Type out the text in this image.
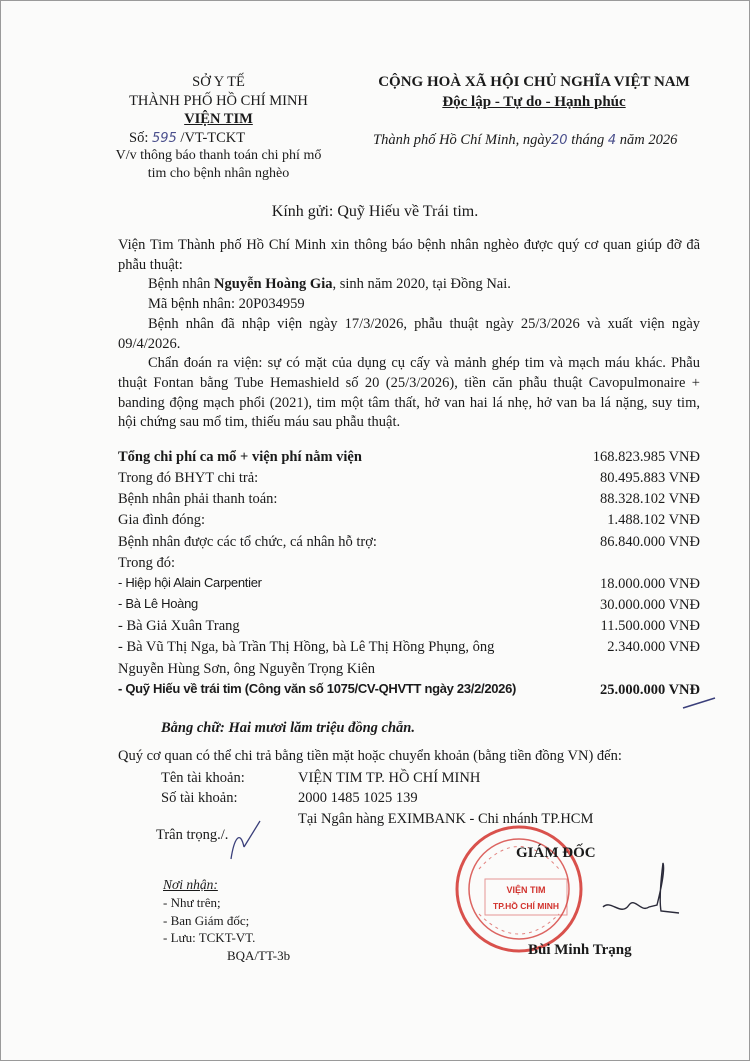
SỞ Y TẾ
THÀNH PHỐ HỒ CHÍ MINH
VIỆN TIM
Số: 595 /VT-TCKT
V/v thông báo thanh toán chi phí mổ
tim cho bệnh nhân nghèo
CỘNG HOÀ XÃ HỘI CHỦ NGHĨA VIỆT NAM
Độc lập - Tự do - Hạnh phúc
Thành phố Hồ Chí Minh, ngày20 tháng 4 năm 2026
Kính gửi: Quỹ Hiếu về Trái tim.

Viện Tim Thành phố Hồ Chí Minh xin thông báo bệnh nhân nghèo được quý cơ quan giúp đỡ đã phẫu thuật:

Bệnh nhân Nguyễn Hoàng Gia, sinh năm 2020, tại Đồng Nai.

Mã bệnh nhân: 20P034959

Bệnh nhân đã nhập viện ngày 17/3/2026, phẫu thuật ngày 25/3/2026 và xuất viện ngày 09/4/2026.

Chẩn đoán ra viện: sự có mặt của dụng cụ cấy và mảnh ghép tim và mạch máu khác. Phẫu thuật Fontan bằng Tube Hemashield số 20 (25/3/2026), tiền căn phẫu thuật Cavopulmonaire + banding động mạch phổi (2021), tim một tâm thất, hở van hai lá nhẹ, hở van ba lá nặng, suy tim, hội chứng sau mổ tim, thiếu máu sau phẫu thuật.

Tổng chi phí ca mổ + viện phí nằm viện	168.823.985 VNĐ
Trong đó BHYT chi trả:	80.495.883 VNĐ
Bệnh nhân phải thanh toán:	88.328.102 VNĐ
Gia đình đóng:	1.488.102 VNĐ
Bệnh nhân được các tổ chức, cá nhân hỗ trợ:	86.840.000 VNĐ
Trong đó:	
- Hiệp hội Alain Carpentier	18.000.000 VNĐ
- Bà Lê Hoàng	30.000.000 VNĐ
- Bà Giả Xuân Trang	11.500.000 VNĐ
- Bà Vũ Thị Nga, bà Trần Thị Hồng, bà Lê Thị Hồng Phụng, ông Nguyễn Hùng Sơn, ông Nguyễn Trọng Kiên	2.340.000 VNĐ
- Quỹ Hiếu về trái tim (Công văn số 1075/CV-QHVTT ngày 23/2/2026)	25.000.000 VNĐ
Bằng chữ: Hai mươi lăm triệu đồng chẵn.
Quý cơ quan có thể chi trả bằng tiền mặt hoặc chuyển khoản (bằng tiền đồng VN) đến:
Tên tài khoản:	VIỆN TIM TP. HỒ CHÍ MINH
Số tài khoản:	2000 1485 1025 139
Tại Ngân hàng EXIMBANK - Chi nhánh TP.HCM
Trân trọng./.
Nơi nhận:
- Như trên;
- Ban Giám đốc;
- Lưu: TCKT-VT.
BQA/TT-3b
VIỆN TIM
TP.HỒ CHÍ MINH
GIÁM ĐỐC
Bùi Minh Trạng
